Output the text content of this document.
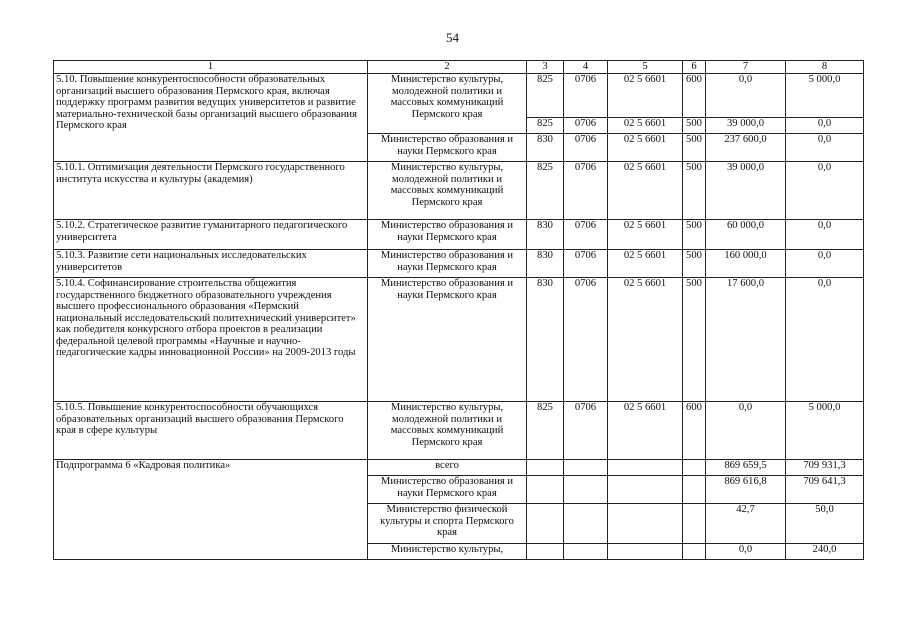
54
1	2	3	4	5	6	7	8
5.10. Повышение конкурентоспособности образовательных организаций высшего образования Пермского края, включая поддержку программ развития ведущих университетов и развитие материально-технической базы организаций высшего образования Пермского края	Министерство культуры, молодежной политики и массовых коммуникаций Пермского края	825	0706	02 5 6601	600	0,0	5 000,0
		825	0706	02 5 6601	500	39 000,0	0,0
	Министерство образования и науки Пермского края	830	0706	02 5 6601	500	237 600,0	0,0
5.10.1. Оптимизация деятельности Пермского государственного института искусства и культуры (академия)	Министерство культуры, молодежной политики и массовых коммуникаций Пермского края	825	0706	02 5 6601	500	39 000,0	0,0
5.10.2. Стратегическое развитие гуманитарного педагогического университета	Министерство образования и науки Пермского края	830	0706	02 5 6601	500	60 000,0	0,0
5.10.3. Развитие сети национальных исследовательских университетов	Министерство образования и науки Пермского края	830	0706	02 5 6601	500	160 000,0	0,0
5.10.4. Софинансирование строительства общежития государственного бюджетного образовательного учреждения высшего профессионального образования «Пермский национальный исследовательский политехнический университет» как победителя конкурсного отбора проектов в реализации федеральной целевой программы «Научные и научно-педагогические кадры инновационной России» на 2009-2013 годы	Министерство образования и науки Пермского края	830	0706	02 5 6601	500	17 600,0	0,0
5.10.5. Повышение конкурентоспособности обучающихся образовательных организаций высшего образования Пермского края в сфере культуры	Министерство культуры, молодежной политики и массовых коммуникаций Пермского края	825	0706	02 5 6601	600	0,0	5 000,0
Подпрограмма 6 «Кадровая политика»	всего					869 659,5	709 931,3
	Министерство образования и науки Пермского края					869 616,8	709 641,3
	Министерство физической культуры и спорта Пермского края					42,7	50,0
	Министерство культуры,					0,0	240,0
